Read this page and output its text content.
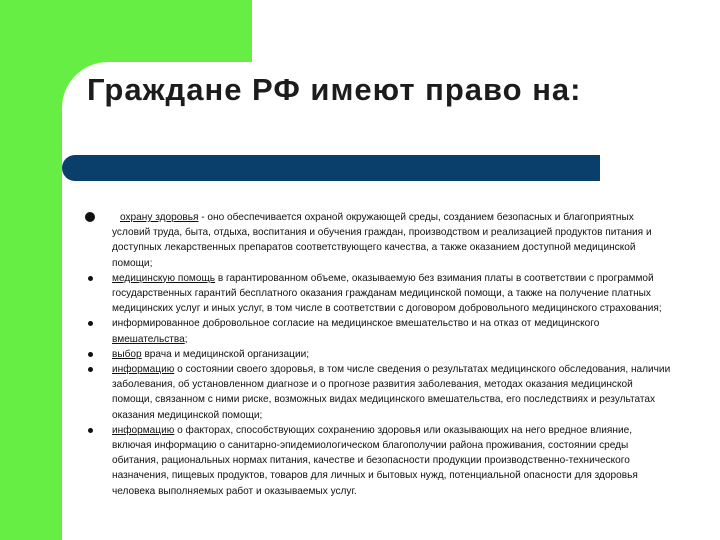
Граждане РФ имеют право на:
охрану здоровья - оно обеспечивается охраной окружающей среды, созданием безопасных и благоприятных условий труда, быта, отдыха, воспитания и обучения граждан, производством и реализацией продуктов питания и доступных лекарственных препаратов соответствующего качества, а также оказанием доступной медицинской помощи;
медицинскую помощь в гарантированном объеме, оказываемую без взимания платы в соответствии с программой государственных гарантий бесплатного оказания гражданам медицинской помощи, а также на получение платных медицинских услуг и иных услуг, в том числе в соответствии с договором добровольного медицинского страхования;
информированное добровольное согласие на медицинское вмешательство и на отказ от медицинского вмешательства;
выбор врача и медицинской организации;
информацию о состоянии своего здоровья, в том числе сведения о результатах медицинского обследования, наличии заболевания, об установленном диагнозе и о прогнозе развития заболевания, методах оказания медицинской помощи, связанном с ними риске, возможных видах медицинского вмешательства, его последствиях и результатах оказания медицинской помощи;
информацию о факторах, способствующих сохранению здоровья или оказывающих на него вредное влияние, включая информацию о санитарно-эпидемиологическом благополучии района проживания, состоянии среды обитания, рациональных нормах питания, качестве и безопасности продукции производственно-технического назначения, пищевых продуктов, товаров для личных и бытовых нужд, потенциальной опасности для здоровья человека выполняемых работ и оказываемых услуг.
